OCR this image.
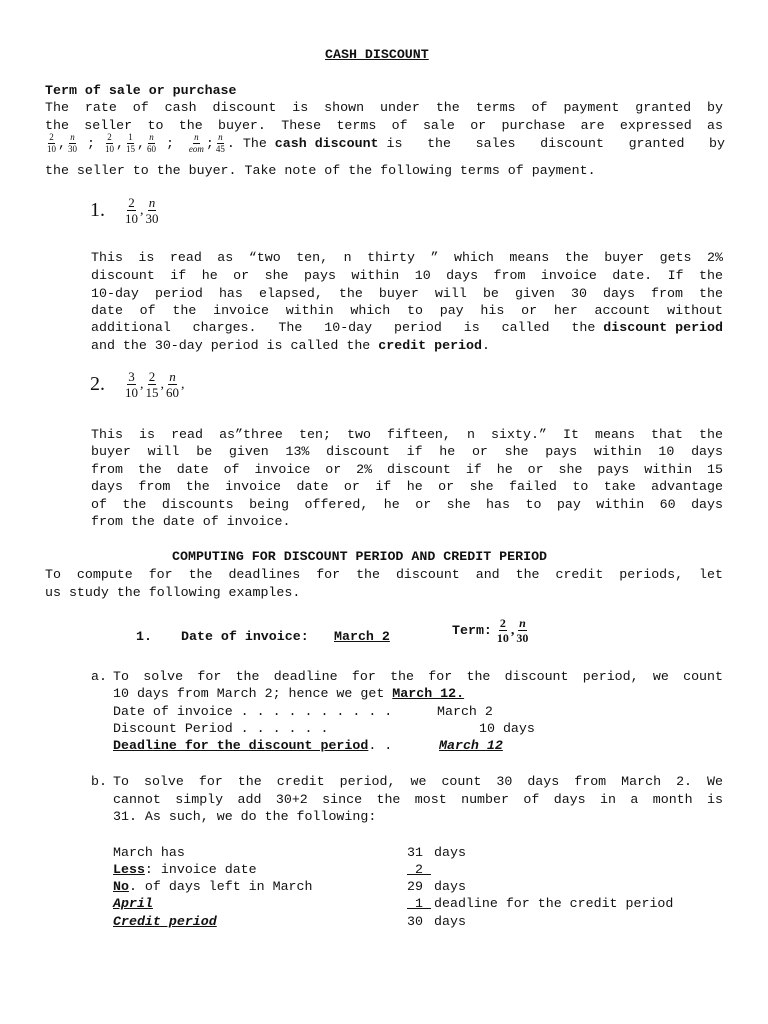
CASH DISCOUNT
Term of sale or purchase
The rate of cash discount is shown under the terms of payment granted by
the seller to the buyer. These terms of sale or purchase are expressed as
$\frac{2}{10}$ , $\frac{n}{30}$ ; $\frac{2}{10}$ , $\frac{1}{15}$ , $\frac{n}{60}$ ; $\frac{n}{\text{eom}}$ ; $\frac{n}{45}$ . The
cash discount
is the sales discount granted by
the seller to the buyer. Take note of the following terms of payment.
1. $\frac{2}{10}$ , $\frac{n}{30}$
This is read as “two ten, n thirty ” which means the buyer gets 2%
discount if he or she pays within 10 days from invoice date. If the
10-day period has elapsed, the buyer will be given 30 days from the
date of the invoice within which to pay his or her account without
additional charges. The 10-day period is called the discount period
and the 30-day period is called the credit period.
2. $\frac{3}{10}$ , $\frac{2}{15}$ , $\frac{n}{60}$ ,
This is read as”three ten; two fifteen, n sixty.” It means that the
buyer will be given 13% discount if he or she pays within 10 days
from the date of invoice or 2% discount if he or she pays within 15
days from the invoice date or if he or she failed to take advantage
of the discounts being offered, he or she has to pay within 60 days
from the date of invoice.
COMPUTING FOR DISCOUNT PERIOD AND CREDIT PERIOD
To compute for the deadlines for the discount and the credit periods, let
us study the following examples.
1. Date of invoice: March 2	Term: $\frac{2}{10}$ , $\frac{n}{30}$
a. To solve for the deadline for the for the discount period, we count
10 days from March 2; hence we get March 12.
Date of invoice . . . . . . . . . .	March 2
Discount Period . . . . . .	10 days
Deadline for the discount period. .	March 12
b. To solve for the credit period, we count 30 days from March 2. We
cannot simply add 30+2 since the most number of days in a month is
31. As such, we do the following:
March has	31 days
Less: invoice date	2
No. of days left in March	29 days
April	1 deadline for the credit period
Credit period	30 days
